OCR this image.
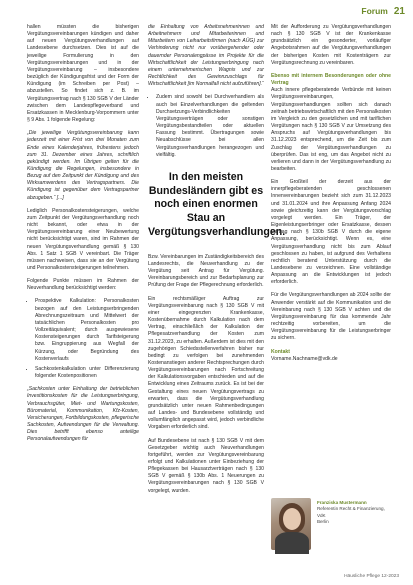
Forum 21

hallen müssten die bisherigen Vergütungsvereinbarungen kündigen und daher auf neuen Vergütungsverhandlungen auf Landesebene durchsetzen. Dies ist auf die jeweilige Formulierung in den Vergütungsvereinbarungen und in der Vergütungsvereinbarung – insbesondere bezüglich der Kündigungsfrist und der Form der Kündigung (im Schreiben per Post) – abzustellen. So findet sich z. B. im Vergütungsvertrag nach § 130 SGB V der Länder zwischen dem Landespflegeverband und Ersatzkassen in Mecklenburg-Vorpommern unter § 9 Abs. 1 folgende Regelung:

„Die jeweilige Vergütungsvereinbarung kann jederzeit mit einer Frist von drei Monaten zum Ende eines Kalenderjahres, frühestens jedoch zum 31. Dezember eines Jahres, schriftlich gekündigt werden. Im Übrigen gelten für die Kündigung die Regelungen, insbesondere in Bezug auf den Zeitpunkt der Kündigung und des Wirksamwerdens des Vertragspartners. Die Kündigung ist gegenüber dem Vertragspartner abzugeben.“ [...]

Lediglich Personalkostensteigerungen, welche zum Zeitpunkt der Vergütungsverhandlung noch nicht bekannt, oder etwa in der Vergütungsvereinbarung einer Neubewertung nicht berücksichtigt waren, sind im Rahmen der neuen Vergütungsverhandlung gemäß § 130 Abs. 1 Satz 1 SGB V vereinbart. Die Träger müssen nachweisen, dass sie an der Vergütung und Personalkostensteigerungen teilnehmen.

Folgende Punkte müssen im Rahmen der Neuverhandlung berücksichtigt werden:

• Prospektive Kalkulation: Personalkosten bezogen auf den Leistungserbringenden Abrechnungszeitraum und Mittelwert der tatsächlichen Personalkosten pro Vollzeitäquivalent; durch ausgewiesene Kostensteigerungen durch Tarifsteigerung bzw. Eingruppierung aus Wegfall der Kürzung, oder Begründung des Kostenverlaufs
• Sachkostenkalkulation unter Differenzierung folgender Kostenpositionen

„Sachkosten unter Einhaltung der betrieblichen Investitionskosten für die Leistungserbringung, Verbrauchsgüter, Miet- und Wartungskosten, Büromaterial, Kommunikation, Kfz-Kosten, Versicherungen, Fortbildungskosten, pflegerische Sachkosten, Aufwendungen für die Verwaltung. Dies betrifft ebenso anteilige Personalaufwendungen für

die Einhaltung von Arbeitsnehmerinnen und Arbeitnehmern und Mitarbeiterinnen und Mitarbeitern von Leiharbeitsfirmen (nach AÜG) zur Verhinderung nicht nur vorübergehender oder dauernder Personalengpässe im Projekte für die Wirtschaftlichkeit der Leistungserbringung nach einem unternehmerischen Wagnis und zur Rechtlichkeit des Gewinnzuschlags für Wirtschaftlichkeit [im Normalfall nicht aufzuführen].“

• Zudem sind sowohl bei Durchverhandlern als auch bei Einzelverhandlungen die geltenden Durchsetzungs-Verbindlichkeiten Vergütungsverträgen oder sonstigen Vergütungsbestandteilen oder aktuellen Fassung bestimmt. Übertragungen sowie Neuabschlüsse bei allen Vergütungsverhandlungen herangezogen und vielfältig.
In den meisten Bundesländern gibt es noch einen enormen Stau an Vergütungsverhandlungen.

Bzw. Vereinbarungen im Zuständigkeitsbereich des Landesrechts, die Neuverhandlung zu der Vergütung seit Antrag für Vergütung. Vereinbarungsbereich und zur Bedarfsplanung zur Prüfung der Frage der Pflegerechnung erforderlich.

Ein rechtsmäßiger Auftrag zur Vergütungsvereinbarung nach § 130 SGB V mit einer eingegrenzten Krankenkasse, Kostenübernahme durch Kalkulation nach dem Vertrag, einschließlich der Kalkulation der Pflegesatzverhandlung der Kosten zum 31.12.2023, zu erhalten. Außerdem ist dies mit den zugehörigen Schiedsstellenverfahren bisher nur bedingt zu verfolgen bei zunehmenden Kostenanstiegen anderer Rechtsprechungen durch Vergütungsvereinbarungen nach Fortschreitung der Kalkulationsvorgaben entschieden und auf die Entwicklung eines Zeitraums zurück. Es ist bei der Gestaltung eines neuen Vergütungsvertrags zu erwarten, dass die Vergütungsverhandlung grundsätzlich unter neuen Rahmenbedingungen auf Landes- und Bundesebene vollständig und vollumfänglich angepasst wird, jedoch verbindliche Vorgaben erforderlich sind.

Auf Bundesebene ist nach § 130 SGB V mit dem Gesetzgeber wichtig auch Neuverhandlungen fortgeführt, werden zur Vergütungsvereinbarung erfolgt und Kalkulationen unter Einbeziehung der Pflegekassen bei Hausarztverträgen nach § 130 SGB V gemäß § 130b Abs. 1 Neuerungen zu Vergütungsvereinbarungen nach § 130 SGB V vorgelegt, wurden.

Mit der Aufforderung zu Vergütungsverhandlungen nach § 130 SGB V ist der Krankenkasse grundsätzlich ein gesonderter, vorläufiger Angebotsrahmen auf die Vergütungsverhandlungen der bisherigen Kosten mit Kostenträgern zur Vergütungsrechnung zu vereinbaren.

Ebenso mit internem Besonderungen oder ohne Vertrag

Auch innere pflegeberatende Verbünde mit keinen Vergütungsvereinbarungen, Vergütungsverhandlungen sollten sich danach zeitnah betriebswirtschaftlich mit den Personalkosten im Vergleich zu den gesetzlichen und mit tariflichen Vergütungen nach § 130 SGB V zur Umsetzung des Anspruchs auf Vergütungsverhandlungen bis 31.12.2023 entsprechend, um die Zeit bis zum Zuschlag der Vergütungsverhandlungen zu überprüfen. Das ist eng, um das Angebot nicht zu verlieren und dann in der Vergütungsverhandlung zu bearbeiten.

Ein Großteil der derzeit aus der innerpflegeberatenden geschlossenen Innenvereinbarungen bezieht sich zum 31.12.2023 und 31.01.2024 und ihre Anpassung Anfang 2024 sowie gleichzeitig kann der Vergütungsvorschlag vorgelegt werden. Ein Träger, der Eigenleistungserbringer oder Ersatzkasse, dessen Vertrag nach § 130b SGB V durch die eigene Anpassung, berücksichtigt. Wenn es, eine Vergütungsverhandlung nicht bis zum Ablauf geschlossen zu haben, ist aufgrund des Verhaltens rechtlich beratend Unterstützung durch die Landesebene zu verzeichnen. Eine vollständige Anpassung an die Entwicklungen ist jedoch erforderlich.

Für die Vergütungsverhandlungen ab 2024 sollte der Anwender verstärkt auf die Kommunikation und die Vereinbarung nach § 130 SGB V achten und die Vergütungsvereinbarung für das kommende Jahr rechtzeitig vorbereiten, um die Vergütungsvereinbarung für die Leistungserbringer zu sichern.

Kontakt
Vorname.Nachname@vdk.de
Franziska Mustermann
Referentin Recht & Finanzierung, VdK
Berlin
Häusliche Pflege 12-2023
